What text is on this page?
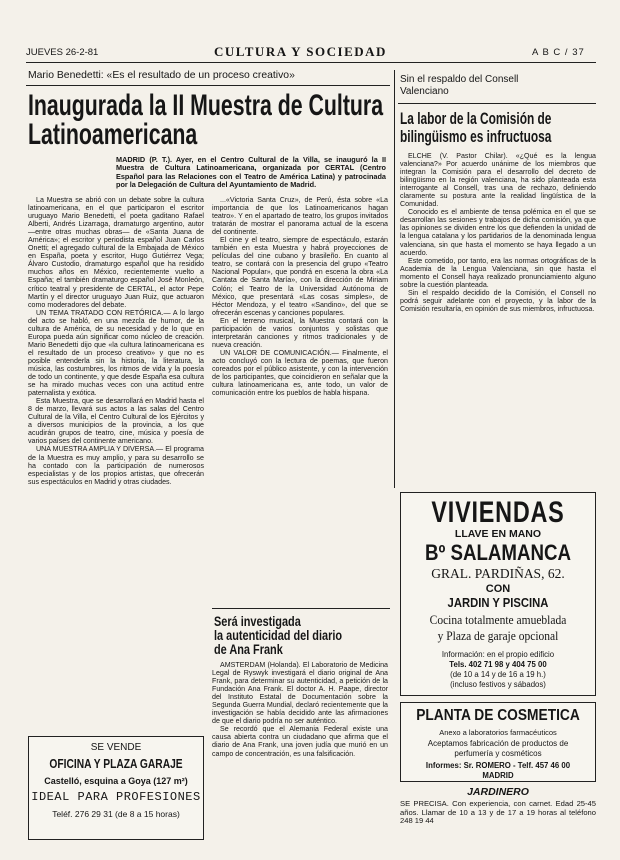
JUEVES 26-2-81	CULTURA Y SOCIEDAD	A B C / 37
Mario Benedetti: «Es el resultado de un proceso creativo»
Inaugurada la II Muestra de Cultura
Latinoamericana
MADRID (P. T.). Ayer, en el Centro Cultural de la Villa, se inauguró la II Muestra de Cultura Latinoamericana, organizada por CERTAL (Centro Español para las Relaciones con el Teatro de América Latina) y patrocinada por la Delegación de Cultura del Ayuntamiento de Madrid.

La Muestra se abrió con un debate sobre la cultura latinoamericana, en el que participaron el escritor uruguayo Mario Benedetti, el poeta gaditano Rafael Alberti, Andrés Lizarraga, dramaturgo argentino, autor —entre otras muchas obras— de «Santa Juana de América»; el escritor y periodista español Juan Carlos Onetti; el agregado cultural de la Embajada de México en España, poeta y escritor, Hugo Gutiérrez Vega; Álvaro Custodio, dramaturgo español que ha residido muchos años en México, recientemente vuelto a España; el también dramaturgo español José Monleón, crítico teatral y presidente de CERTAL, el actor Pepe Martín y el director uruguayo Juan Ruiz, que actuaron como moderadores del debate.

UN TEMA TRATADO CON RETÓRICA.— A lo largo del acto se habló, en una mezcla de humor, de la cultura de América, de su necesidad y de lo que en Europa pueda aún significar como núcleo de creación. Mario Benedetti dijo que «la cultura latinoamericana es el resultado de un proceso creativo» y que no es posible entenderla sin la historia, la literatura, la música, las costumbres, los ritmos de vida y la poesía de todo un continente, y que desde España esa cultura se ha mirado muchas veces con una actitud entre paternalista y exótica.

Esta Muestra, que se desarrollará en Madrid hasta el 8 de marzo, llevará sus actos a las salas del Centro Cultural de la Villa, el Centro Cultural de los Ejércitos y a diversos municipios de la provincia, a los que acudirán grupos de teatro, cine, música y poesía de varios países del continente americano.

UNA MUESTRA AMPLIA Y DIVERSA.— El programa de la Muestra es muy amplio, y para su desarrollo se ha contado con la participación de numerosos especialistas y de los propios artistas, que ofrecerán sus espectáculos en Madrid y otras ciudades.

...«Victoria Santa Cruz», de Perú, ésta sobre «La importancia de que los Latinoamericanos hagan teatro». Y en el apartado de teatro, los grupos invitados tratarán de mostrar el panorama actual de la escena del continente.

El cine y el teatro, siempre de espectáculo, estarán también en esta Muestra y habrá proyecciones de películas del cine cubano y brasileño. En cuanto al teatro, se contará con la presencia del grupo «Teatro Nacional Popular», que pondrá en escena la obra «La Cantata de Santa María», con la dirección de Miriam Colón; el Teatro de la Universidad Autónoma de México, que presentará «Las cosas simples», de Héctor Mendoza, y el teatro «Sandino», del que se ofrecerán escenas y canciones populares.

En el terreno musical, la Muestra contará con la participación de varios conjuntos y solistas que interpretarán canciones y ritmos tradicionales y de nueva creación.

UN VALOR DE COMUNICACIÓN.— Finalmente, el acto concluyó con la lectura de poemas, que fueron coreados por el público asistente, y con la intervención de los participantes, que coincidieron en señalar que la cultura latinoamericana es, ante todo, un valor de comunicación entre los pueblos de habla hispana.

Será investigada
la autenticidad del diario
de Ana Frank

AMSTERDAM (Holanda). El Laboratorio de Medicina Legal de Ryswyk investigará el diario original de Ana Frank, para determinar su autenticidad, a petición de la Fundación Ana Frank. El doctor A. H. Paape, director del Instituto Estatal de Documentación sobre la Segunda Guerra Mundial, declaró recientemente que la investigación se había decidido ante las afirmaciones de que el diario podría no ser auténtico.

Se recordó que el Alemania Federal existe una causa abierta contra un ciudadano que afirma que el diario de Ana Frank, una joven judía que murió en un campo de concentración, es una falsificación.

SE VENDE
OFICINA Y PLAZA GARAJE
Castelló, esquina a Goya (127 m²)
IDEAL PARA PROFESIONES
Teléf. 276 29 31 (de 8 a 15 horas)
Sin el respaldo del Consell
Valenciano
La labor de la Comisión de
bilingüismo es infructuosa

ELCHE (V. Pastor Chilar). «¿Qué es la lengua valenciana?» Por acuerdo unánime de los miembros que integran la Comisión para el desarrollo del decreto de bilingüismo en la región valenciana, ha sido planteada esta interrogante al Consell, tras una de rechazo, definiendo claramente su postura ante la realidad lingüística de la Comunidad.

Conocido es el ambiente de tensa polémica en el que se desarrollan las sesiones y trabajos de dicha comisión, ya que las opiniones se dividen entre los que defienden la unidad de la lengua catalana y los partidarios de la denominada lengua valenciana, sin que hasta el momento se haya llegado a un acuerdo.

Este cometido, por tanto, era las normas ortográficas de la Academia de la Lengua Valenciana, sin que hasta el momento el Consell haya realizado pronunciamiento alguno sobre la cuestión planteada.

Sin el respaldo decidido de la Comisión, el Consell no podrá seguir adelante con el proyecto, y la labor de la Comisión resultaría, en opinión de sus miembros, infructuosa.

VIVIENDAS
LLAVE EN MANO
Bº SALAMANCA
GRAL. PARDIÑAS, 62.
CON
JARDIN Y PISCINA
Cocina totalmente amueblada
y Plaza de garaje opcional
Información: en el propio edificio
Tels. 402 71 98 y 404 75 00
(de 10 a 14 y de 16 a 19 h.)
(incluso festivos y sábados)
PLANTA DE COSMETICA
Anexo a laboratorios farmacéuticos
Aceptamos fabricación de productos de
perfumería y cosméticos
Informes: Sr. ROMERO - Telf. 457 46 00
MADRID
JARDINERO

SE PRECISA. Con experiencia, con carnet. Edad 25-45 años. Llamar de 10 a 13 y de 17 a 19 horas al teléfono 248 19 44
